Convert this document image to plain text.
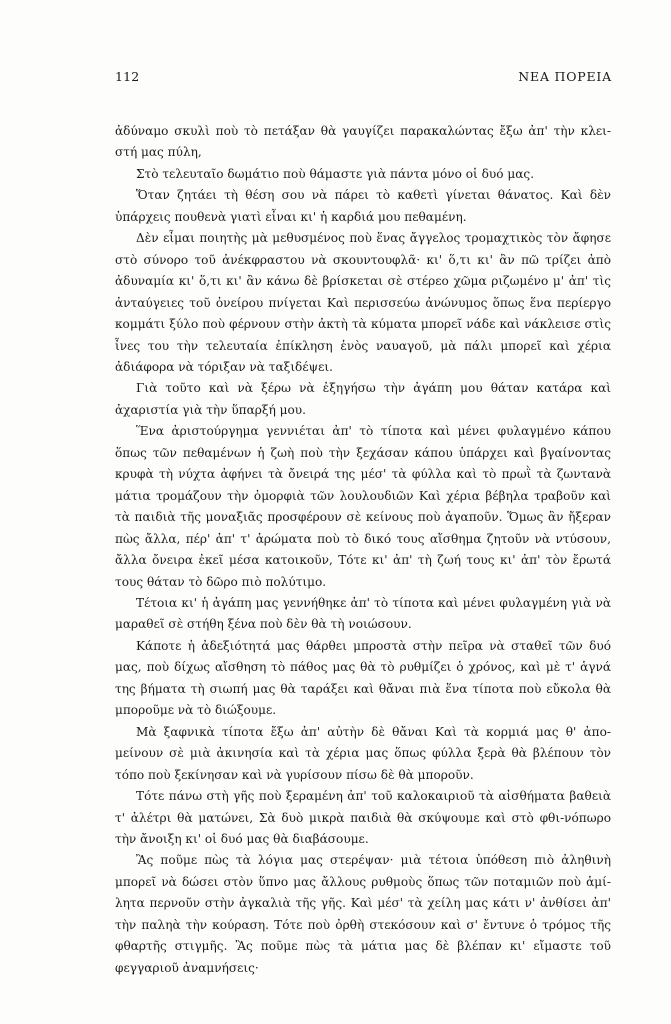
112	ΝΕΑ ΠΟΡΕΙΑ

ἀδύναμο σκυλὶ ποὺ τὸ πετάξαν θὰ γαυγίζει παρακαλώντας ἔξω ἀπ' τὴν κλει-στή μας πύλη,

Στὸ τελευταῖο δωμάτιο ποὺ θάμαστε γιὰ πάντα μόνο οἱ δυό μας.

Ὅταν ζητάει τὴ θέση σου νὰ πάρει τὸ καθετὶ γίνεται θάνατος. Καὶ δὲν ὑπάρχεις πουθενὰ γιατὶ εἶναι κι' ἡ καρδιά μου πεθαμένη.

Δὲν εἶμαι ποιητὴς μὰ μεθυσμένος ποὺ ἕνας ἄγγελος τρομαχτικὸς τὸν ἄφησε στὸ σύνορο τοῦ ἀνέκφραστου νὰ σκουντουφλᾶ· κι' ὅ,τι κι' ἂν πῶ τρίζει ἀπὸ ἀδυναμία κι' ὅ,τι κι' ἂν κάνω δὲ βρίσκεται σὲ στέρεο χῶμα ριζωμένο μ' ἀπ' τὶς ἀνταύγειες τοῦ ὀνείρου πνίγεται Καὶ περισσεύω ἀνώνυμος ὅπως ἕνα περίεργο κομμάτι ξύλο ποὺ φέρνουν στὴν ἀκτὴ τὰ κύματα μπορεῖ νάδε καὶ νάκλεισε στὶς ἶνες του τὴν τελευταία ἐπίκληση ἑνὸς ναυαγοῦ, μὰ πάλι μπορεῖ καὶ χέρια ἀδιάφορα νὰ τόριξαν νὰ ταξιδέψει.

Γιὰ τοῦτο καὶ νὰ ξέρω νὰ ἐξηγήσω τὴν ἀγάπη μου θάταν κατάρα καὶ ἀχαριστία γιὰ τὴν ὕπαρξή μου.

Ἕνα ἀριστούργημα γεννιέται ἀπ' τὸ τίποτα καὶ μένει φυλαγμένο κάπου ὅπως τῶν πεθαμένων ἡ ζωὴ ποὺ τὴν ξεχάσαν κάπου ὑπάρχει καὶ βγαίνοντας κρυφὰ τὴ νύχτα ἀφήνει τὰ ὄνειρά της μέσ' τὰ φύλλα καὶ τὸ πρωῒ τὰ ζωντανὰ μάτια τρομάζουν τὴν ὀμορφιὰ τῶν λουλουδιῶν Καὶ χέρια βέβηλα τραβοῦν καὶ τὰ παιδιὰ τῆς μοναξιᾶς προσφέρουν σὲ κείνους ποὺ ἀγαποῦν. Ὅμως ἂν ἤξεραν πὼς ἄλλα, πέρ' ἀπ' τ' ἀρώματα ποὺ τὸ δικό τους αἴσθημα ζητοῦν νὰ ντύσουν, ἄλλα ὄνειρα ἐκεῖ μέσα κατοικοῦν, Τότε κι' ἀπ' τὴ ζωή τους κι' ἀπ' τὸν ἔρωτά τους θάταν τὸ δῶρο πιὸ πολύτιμο.

Τέτοια κι' ἡ ἀγάπη μας γεννήθηκε ἀπ' τὸ τίποτα καὶ μένει φυλαγμένη γιὰ νὰ μαραθεῖ σὲ στήθη ξένα ποὺ δὲν θὰ τὴ νοιώσουν.

Κάποτε ἡ ἀδεξιότητά μας θάρθει μπροστὰ στὴν πεῖρα νὰ σταθεῖ τῶν δυό μας, ποὺ δίχως αἴσθηση τὸ πάθος μας θὰ τὸ ρυθμίζει ὁ χρόνος, καὶ μὲ τ' ἁγνά της βήματα τὴ σιωπή μας θὰ ταράξει καὶ θἄναι πιὰ ἕνα τίποτα ποὺ εὔκολα θὰ μποροῦμε νὰ τὸ διώξουμε.

Μὰ ξαφνικὰ τίποτα ἔξω ἀπ' αὐτὴν δὲ θἄναι Καὶ τὰ κορμιά μας θ' ἀπο-μείνουν σὲ μιὰ ἀκινησία καὶ τὰ χέρια μας ὅπως φύλλα ξερὰ θὰ βλέπουν τὸν τόπο ποὺ ξεκίνησαν καὶ νὰ γυρίσουν πίσω δὲ θὰ μποροῦν.

Τότε πάνω στὴ γῆς ποὺ ξεραμένη ἀπ' τοῦ καλοκαιριοῦ τὰ αἰσθήματα βαθειὰ τ' ἀλέτρι θὰ ματώνει, Σὰ δυὸ μικρὰ παιδιὰ θὰ σκύψουμε καὶ στὸ φθι-νόπωρο τὴν ἄνοιξη κι' οἱ δυό μας θὰ διαβάσουμε.

Ἂς ποῦμε πὼς τὰ λόγια μας στερέψαν· μιὰ τέτοια ὑπόθεση πιὸ ἀληθινὴ μπορεῖ νὰ δώσει στὸν ὕπνο μας ἄλλους ρυθμοὺς ὅπως τῶν ποταμιῶν ποὺ ἁμί-λητα περνοῦν στὴν ἀγκαλιὰ τῆς γῆς. Καὶ μέσ' τὰ χείλη μας κάτι ν' ἀνθίσει ἀπ' τὴν παληὰ τὴν κούραση. Τότε ποὺ ὀρθὴ στεκόσουν καὶ σ' ἔντυνε ὁ τρόμος τῆς φθαρτῆς στιγμῆς. Ἂς ποῦμε πὼς τὰ μάτια μας δὲ βλέπαν κι' εἴμαστε τοῦ φεγγαριοῦ ἀναμνήσεις·
